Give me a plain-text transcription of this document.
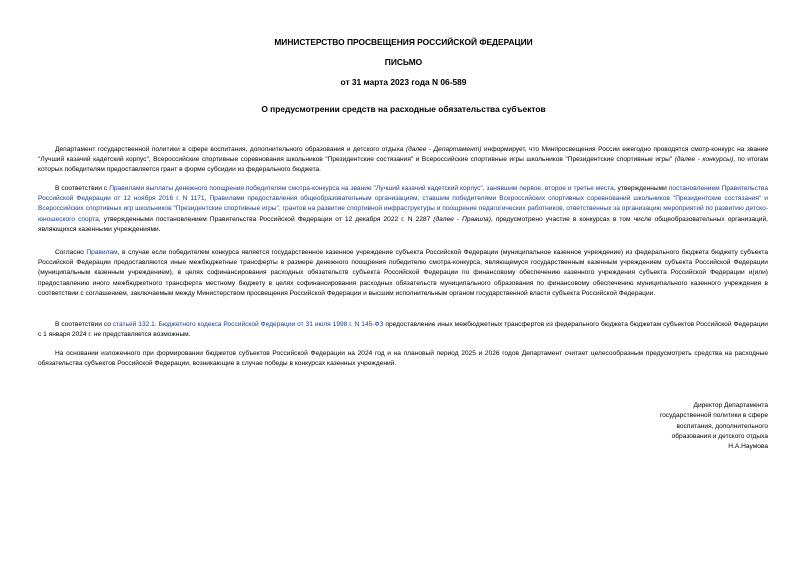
МИНИСТЕРСТВО ПРОСВЕЩЕНИЯ РОССИЙСКОЙ ФЕДЕРАЦИИ
ПИСЬМО
от 31 марта 2023 года N 06-589
О предусмотрении средств на расходные обязательства субъектов

Департамент государственной политики в сфере воспитания, дополнительного образования и детского отдыха (далее - Департамент) информирует, что Минпросвещения России ежегодно проводятся смотр-конкурс на звание "Лучший казачий кадетский корпус", Всероссийские спортивные соревнования школьников "Президентские состязания" и Всероссийские спортивные игры школьников "Президентские спортивные игры" (далее - конкурсы), по итогам которых победителям предоставляется грант в форме субсидии из федерального бюджета.

В соответствии с Правилами выплаты денежного поощрения победителям смотра-конкурса на звание "Лучший казачий кадетский корпус", занявшим первое, второе и третье места, утвержденными постановлением Правительства Российской Федерации от 12 ноября 2016 г. N 1171, Правилами предоставления общеобразовательным организациям, ставшим победителями Всероссийских спортивных соревнований школьников "Президентские состязания" и Всероссийских спортивных игр школьников "Президентские спортивные игры", грантов на развитие спортивной инфраструктуры и поощрение педагогических работников, ответственных за организацию мероприятий по развитию детско-юношеского спорта, утвержденными постановлением Правительства Российской Федерации от 12 декабря 2022 г. N 2287 (далее - Правила), предусмотрено участие в конкурсах в том числе общеобразовательных организаций, являющихся казенными учреждениями.

Согласно Правилам, в случае если победителем конкурса является государственное казенное учреждение субъекта Российской Федерации (муниципальное казенное учреждение) из федерального бюджета бюджету субъекта Российской Федерации предоставляются иные межбюджетные трансферты в размере денежного поощрения победителю смотра-конкурса, являющемуся государственным казенным учреждением субъекта Российской Федерации (муниципальным казенным учреждением), в целях софинансирования расходных обязательств субъекта Российской Федерации по финансовому обеспечению казенного учреждения субъекта Российской Федерации и(или) предоставлению иного межбюджетного трансферта местному бюджету в целях софинансирования расходных обязательств муниципального образования по финансовому обеспечению муниципального казенного учреждения в соответствии с соглашением, заключаемым между Министерством просвещения Российской Федерации и высшим исполнительным органом государственной власти субъекта Российской Федерации.

В соответствии со статьей 132.1. Бюджетного кодекса Российской Федерации от 31 июля 1998 г. N 145-ФЗ предоставление иных межбюджетных трансфертов из федерального бюджета бюджетам субъектов Российской Федерации с 1 января 2024 г. не представляется возможным.

На основании изложенного при формировании бюджетов субъектов Российской Федерации на 2024 год и на плановый период 2025 и 2026 годов Департамент считает целесообразным предусмотреть средства на расходные обязательства субъектов Российской Федерации, возникающие в случае победы в конкурсах казенных учреждений.

Директор Департамента
государственной политики в сфере
воспитания, дополнительного
образования и детского отдыха
Н.А.Наумова
